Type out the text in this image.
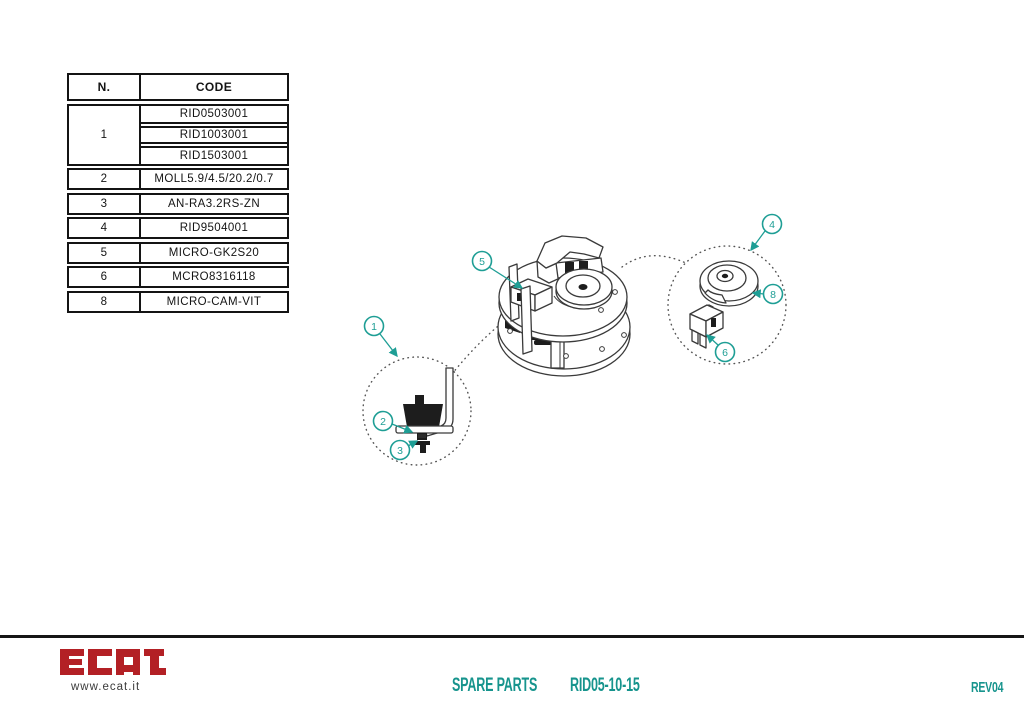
N.	CODE
1
RID0503001
RID1003001
RID1503001
2	MOLL5.9/4.5/20.2/0.7
3	AN-RA3.2RS-ZN
4	RID9504001
5	MICRO-GK2S20
6	MCRO8316118
8	MICRO-CAM-VIT
1
2
3
5
4
8
6
www.ecat.it	SPARE PARTS RID05-10-15	REV04
